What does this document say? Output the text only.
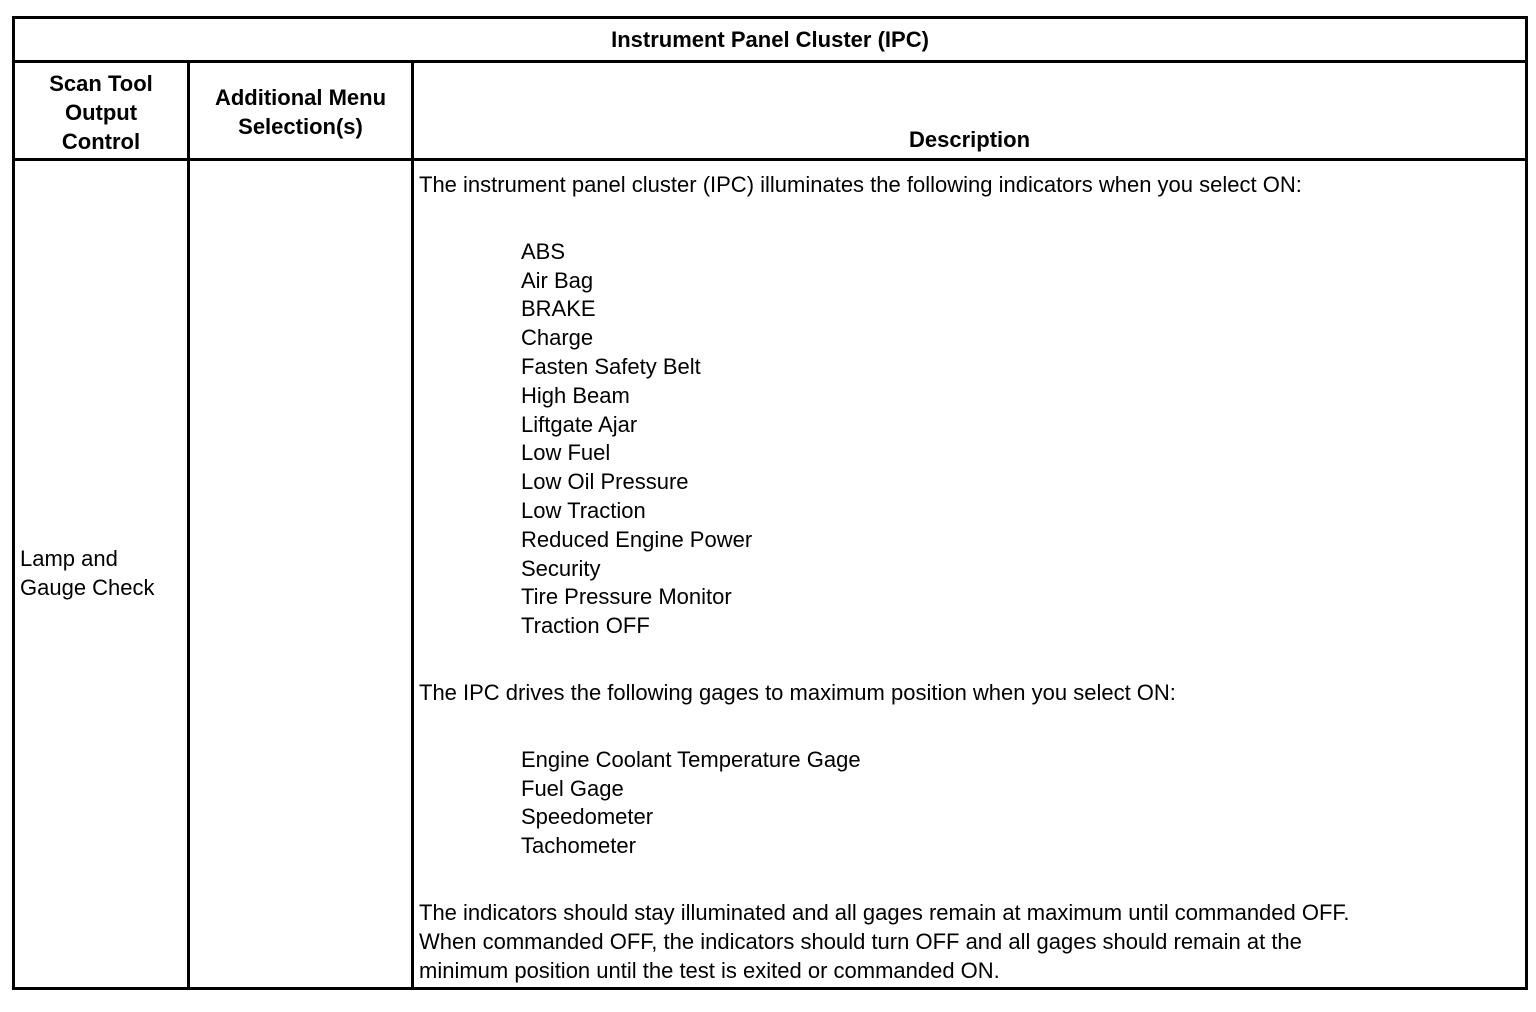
Instrument Panel Cluster (IPC)
Scan Tool
Output
Control
Additional Menu
Selection(s)
Description
Lamp and
Gauge Check

The instrument panel cluster (IPC) illuminates the following indicators when you select ON:

ABS
Air Bag
BRAKE
Charge
Fasten Safety Belt
High Beam
Liftgate Ajar
Low Fuel
Low Oil Pressure
Low Traction
Reduced Engine Power
Security
Tire Pressure Monitor
Traction OFF

The IPC drives the following gages to maximum position when you select ON:

Engine Coolant Temperature Gage
Fuel Gage
Speedometer
Tachometer

The indicators should stay illuminated and all gages remain at maximum until commanded OFF.

When commanded OFF, the indicators should turn OFF and all gages should remain at the

minimum position until the test is exited or commanded ON.
